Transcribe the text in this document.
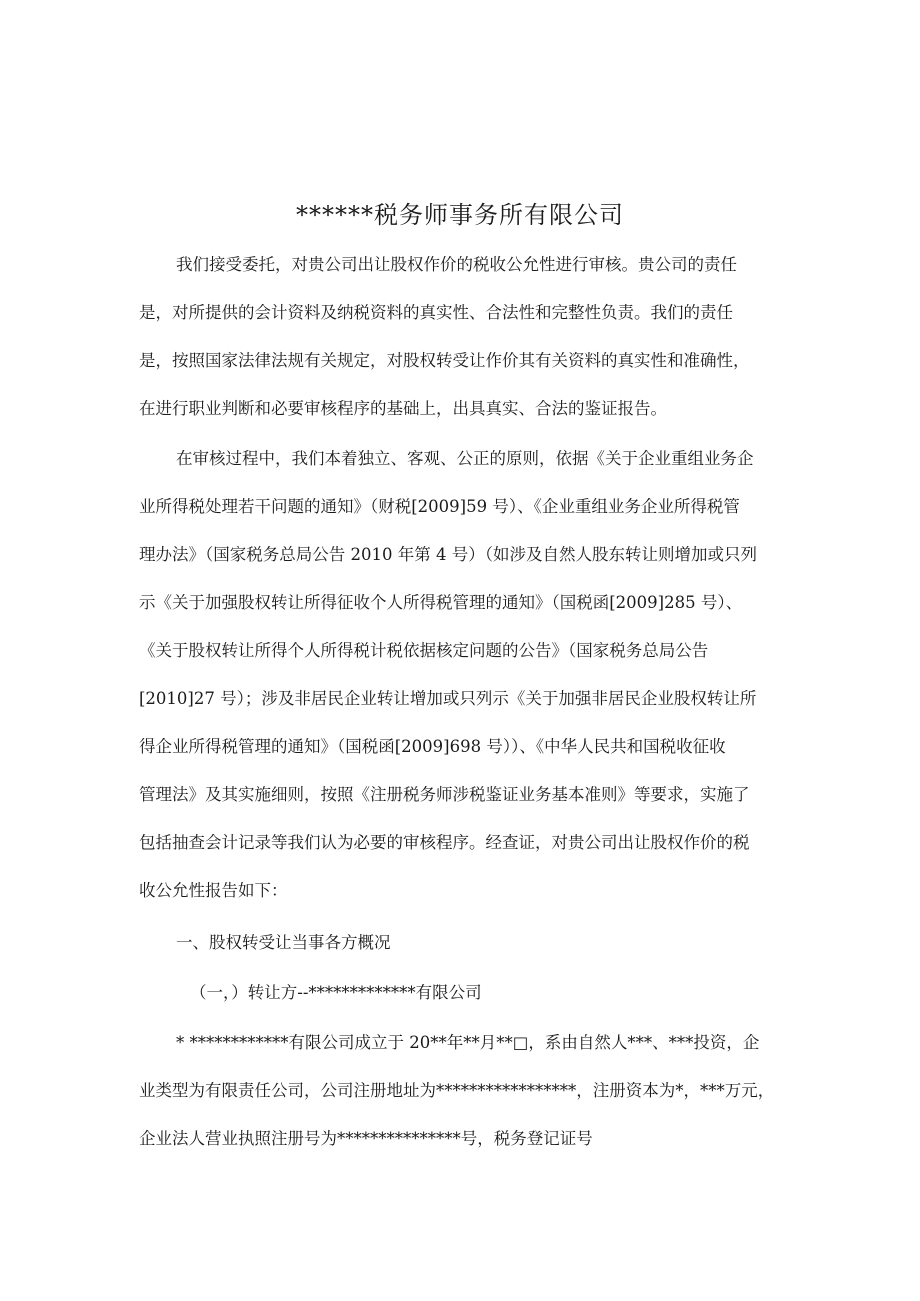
******税务师事务所有限公司
我们接受委托，对贵公司出让股权作价的税收公允性进行审核。贵公司的责任
是，对所提供的会计资料及纳税资料的真实性、合法性和完整性负责。我们的责任
是，按照国家法律法规有关规定，对股权转受让作价其有关资料的真实性和准确性，
在进行职业判断和必要审核程序的基础上，出具真实、合法的鉴证报告。
在审核过程中，我们本着独立、客观、公正的原则，依据《关于企业重组业务企
业所得税处理若干问题的通知》（财税[2009]59 号）、《企业重组业务企业所得税管
理办法》（国家税务总局公告 2010 年第 4 号）（如涉及自然人股东转让则增加或只列
示《关于加强股权转让所得征收个人所得税管理的通知》（国税函[2009]285 号）、
《关于股权转让所得个人所得税计税依据核定问题的公告》（国家税务总局公告
[2010]27 号）；涉及非居民企业转让增加或只列示《关于加强非居民企业股权转让所
得企业所得税管理的通知》（国税函[2009]698 号））、《中华人民共和国税收征收
管理法》及其实施细则，按照《注册税务师涉税鉴证业务基本准则》等要求，实施了
包括抽查会计记录等我们认为必要的审核程序。经查证，对贵公司出让股权作价的税
收公允性报告如下：
一、股权转受让当事各方概况
（一，）转让方--*************有限公司
* ************有限公司成立于 20**年**月**□，系由自然人***、***投资，企
业类型为有限责任公司，公司注册地址为*****************，注册资本为*，***万元，
企业法人营业执照注册号为***************号，税务登记证号
